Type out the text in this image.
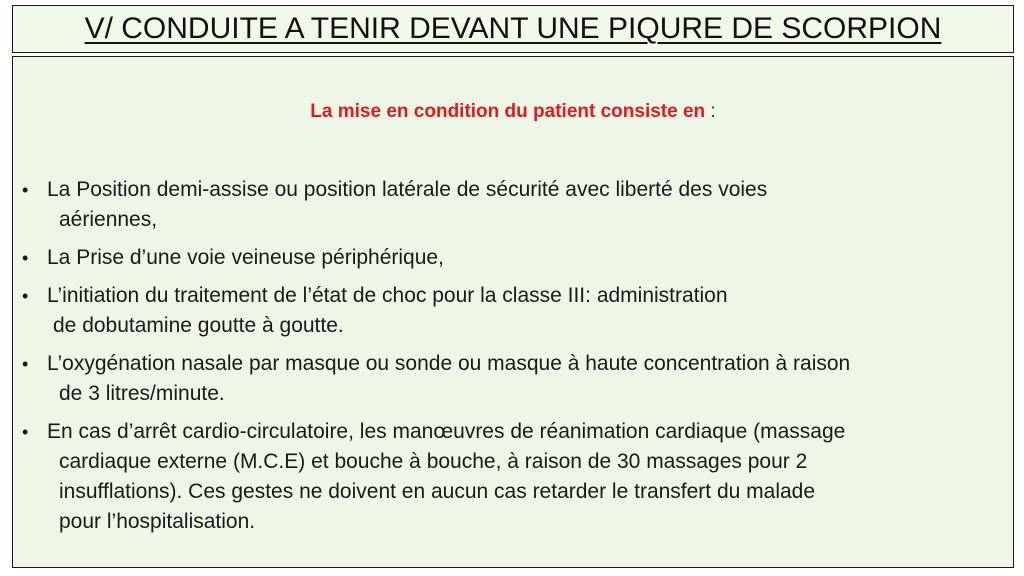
V/ CONDUITE A TENIR DEVANT UNE PIQURE DE SCORPION
La mise en condition du patient consiste en :
• La Position demi-assise ou position latérale de sécurité avec liberté des voies
aériennes,
• La Prise d’une voie veineuse périphérique,
• L’initiation du traitement de l’état de choc pour la classe III: administration
de dobutamine goutte à goutte.
• L’oxygénation nasale par masque ou sonde ou masque à haute concentration à raison
de 3 litres/minute.
• En cas d’arrêt cardio-circulatoire, les manœuvres de réanimation cardiaque (massage
cardiaque externe (M.C.E) et bouche à bouche, à raison de 30 massages pour 2
insufflations). Ces gestes ne doivent en aucun cas retarder le transfert du malade
pour l’hospitalisation.
